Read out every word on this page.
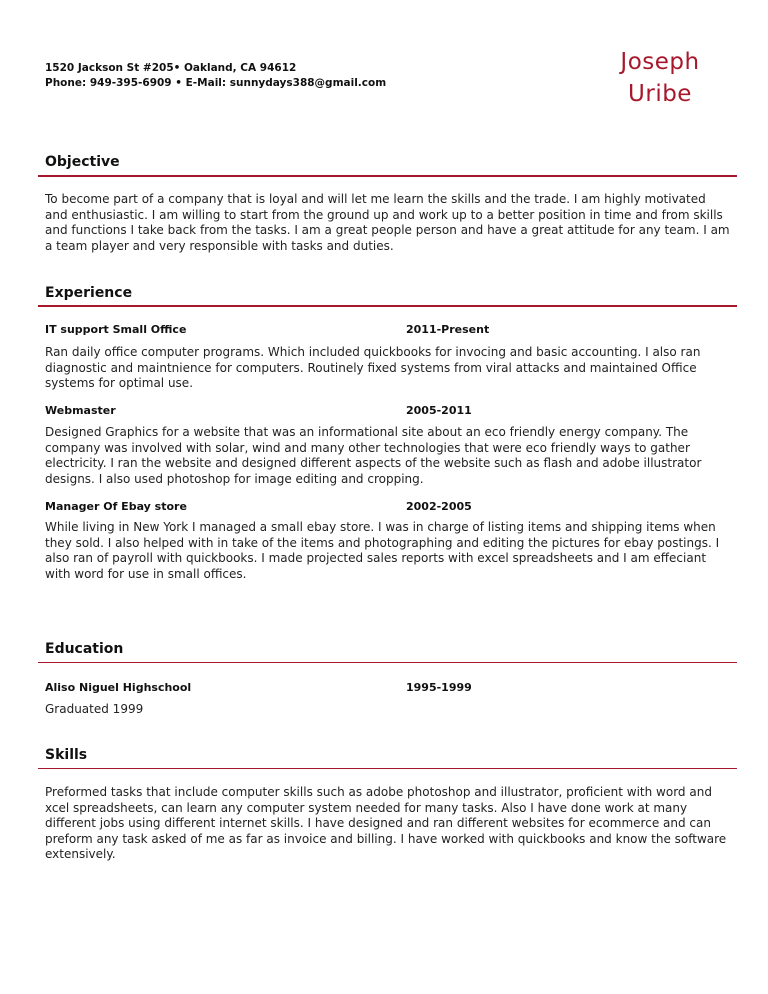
1520 Jackson St #205• Oakland, CA 94612
Phone: 949-395-6909 • E-Mail: sunnydays388@gmail.com
Joseph
Uribe
Objective
To become part of a company that is loyal and will let me learn the skills and the trade. I am highly motivated and enthusiastic. I am willing to start from the ground up and work up to a better position in time and from skills and functions I take back from the tasks. I am a great people person and have a great attitude for any team. I am a team player and very responsible with tasks and duties.
Experience
IT support Small Office	2011-Present
Ran daily office computer programs. Which included quickbooks for invocing and basic accounting. I also ran diagnostic and maintnience for computers. Routinely fixed systems from viral attacks and maintained Office systems for optimal use.
Webmaster	2005-2011
Designed Graphics for a website that was an informational site about an eco friendly energy company. The company was involved with solar, wind and many other technologies that were eco friendly ways to gather electricity. I ran the website and designed different aspects of the website such as flash and adobe illustrator designs. I also used photoshop for image editing and cropping.
Manager Of Ebay store	2002-2005
While living in New York I managed a small ebay store. I was in charge of listing items and shipping items when they sold. I also helped with in take of the items and photographing and editing the pictures for ebay postings. I also ran of payroll with quickbooks. I made projected sales reports with excel spreadsheets and I am effeciant with word for use in small offices.
Education
Aliso Niguel Highschool	1995-1999
Graduated 1999
Skills
Preformed tasks that include computer skills such as adobe photoshop and illustrator, proficient with word and xcel spreadsheets, can learn any computer system needed for many tasks. Also I have done work at many different jobs using different internet skills. I have designed and ran different websites for ecommerce and can preform any task asked of me as far as invoice and billing. I have worked with quickbooks and know the software extensively.
